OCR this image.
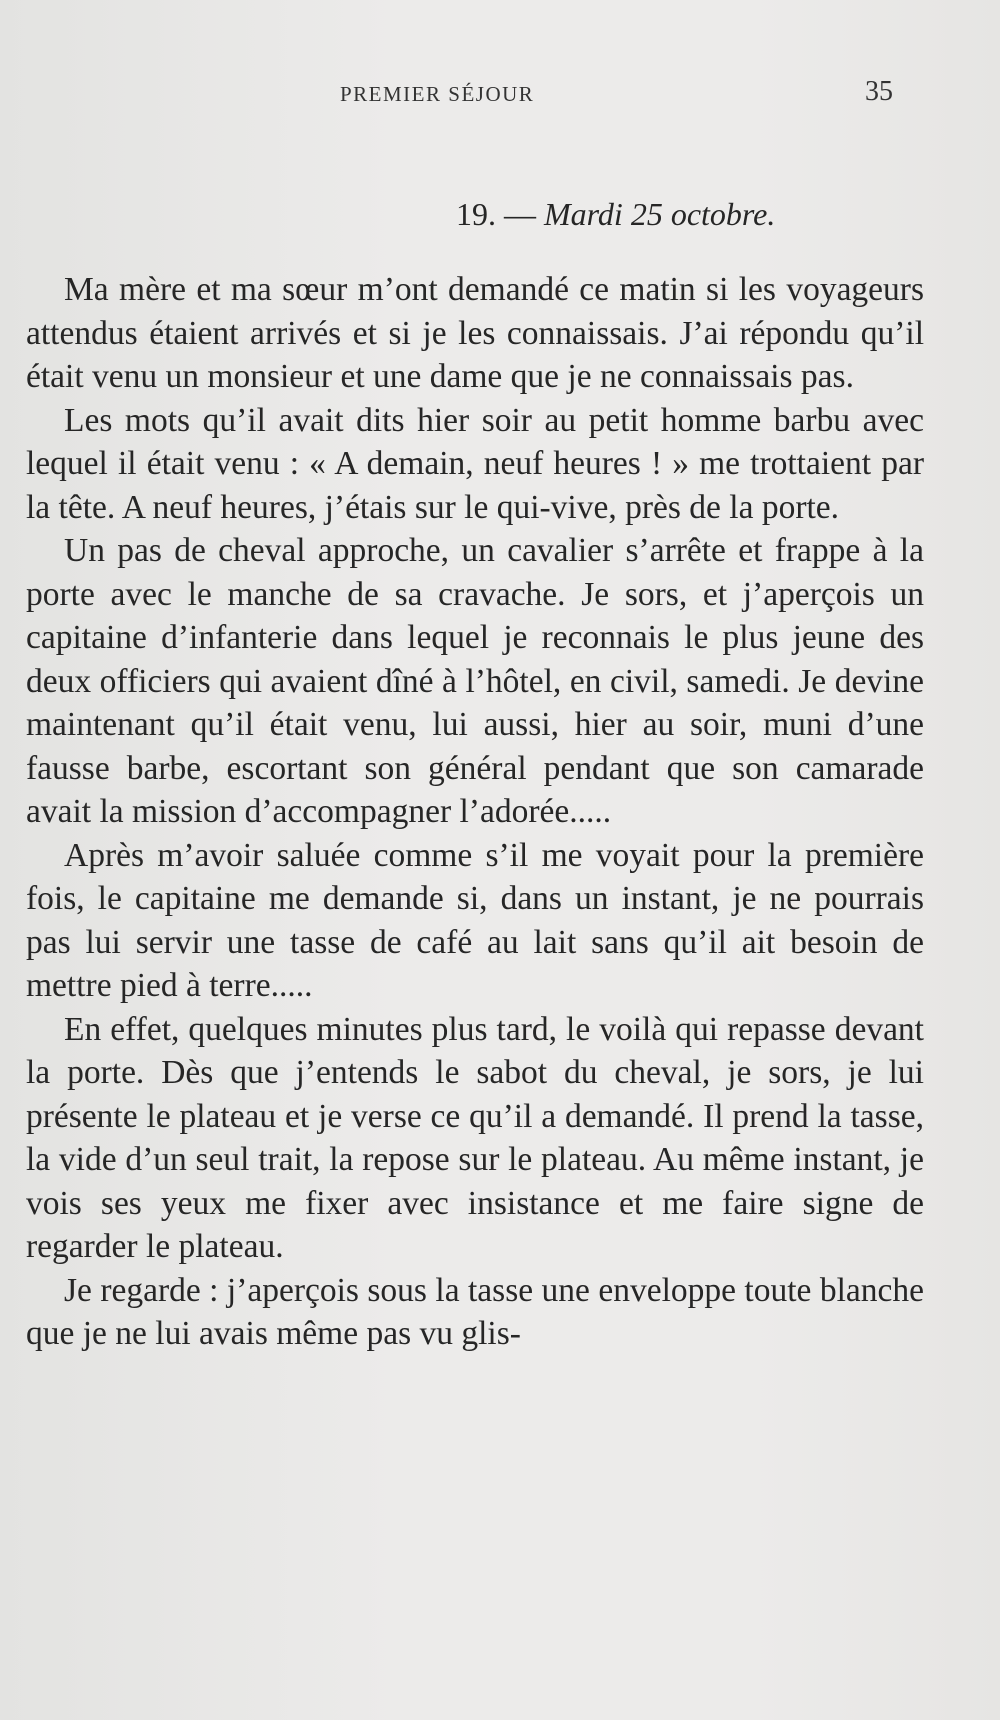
PREMIER SÉJOUR	35
19. — Mardi 25 octobre.

Ma mère et ma sœur m’ont demandé ce matin si les voyageurs attendus étaient arrivés et si je les connaissais. J’ai répondu qu’il était venu un monsieur et une dame que je ne connaissais pas.

Les mots qu’il avait dits hier soir au petit homme barbu avec lequel il était venu : « A demain, neuf heures ! » me trottaient par la tête. A neuf heures, j’étais sur le qui-vive, près de la porte.

Un pas de cheval approche, un cavalier s’arrête et frappe à la porte avec le manche de sa cravache. Je sors, et j’aperçois un capitaine d’infanterie dans lequel je reconnais le plus jeune des deux officiers qui avaient dîné à l’hôtel, en civil, samedi. Je devine maintenant qu’il était venu, lui aussi, hier au soir, muni d’une fausse barbe, escortant son général pendant que son camarade avait la mission d’accompagner l’adorée.....

Après m’avoir saluée comme s’il me voyait pour la première fois, le capitaine me demande si, dans un instant, je ne pourrais pas lui servir une tasse de café au lait sans qu’il ait besoin de mettre pied à terre.....

En effet, quelques minutes plus tard, le voilà qui repasse devant la porte. Dès que j’entends le sabot du cheval, je sors, je lui présente le plateau et je verse ce qu’il a demandé. Il prend la tasse, la vide d’un seul trait, la repose sur le plateau. Au même instant, je vois ses yeux me fixer avec insistance et me faire signe de regarder le plateau.

Je regarde : j’aperçois sous la tasse une enveloppe toute blanche que je ne lui avais même pas vu glis-
